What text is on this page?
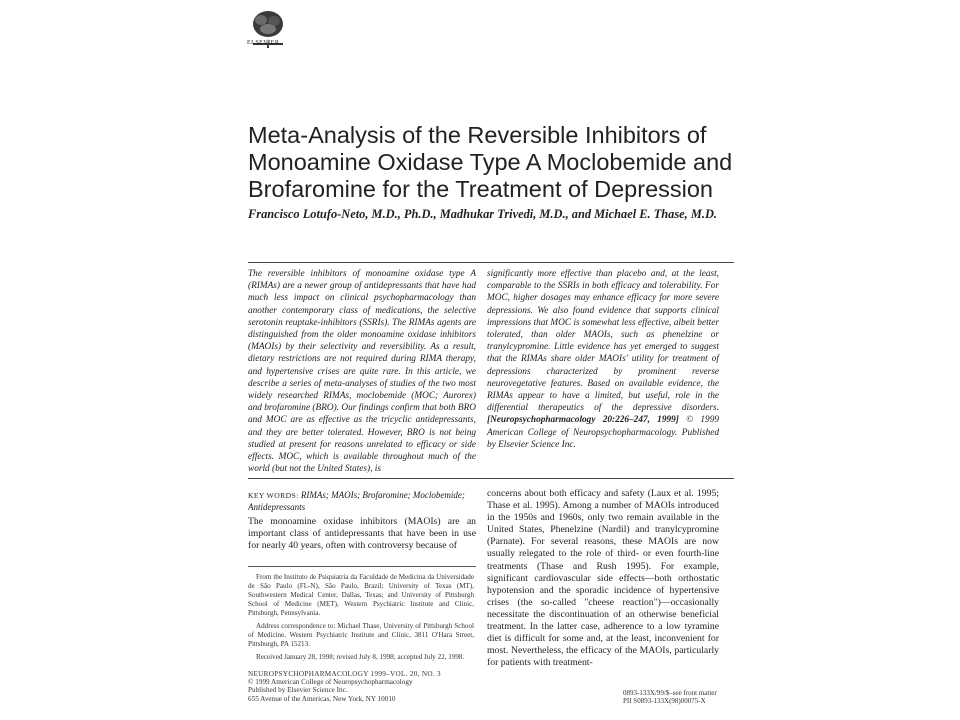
ELSEVIER
Meta-Analysis of the Reversible Inhibitors of
Monoamine Oxidase Type A Moclobemide and
Brofaromine for the Treatment of Depression
Francisco Lotufo-Neto, M.D., Ph.D., Madhukar Trivedi, M.D., and Michael E. Thase, M.D.

The reversible inhibitors of monoamine oxidase type A (RIMAs) are a newer group of antidepressants that have had much less impact on clinical psychopharmacology than another contemporary class of medications, the selective serotonin reuptake-inhibitors (SSRIs). The RIMAs agents are distinguished from the older monoamine oxidase inhibitors (MAOIs) by their selectivity and reversibility. As a result, dietary restrictions are not required during RIMA therapy, and hypertensive crises are quite rare. In this article, we describe a series of meta-analyses of studies of the two most widely researched RIMAs, moclobemide (MOC; Aurorex) and brofaromine (BRO). Our findings confirm that both BRO and MOC are as effective as the tricyclic antidepressants, and they are better tolerated. However, BRO is not being studied at present for reasons unrelated to efficacy or side effects. MOC, which is available throughout much of the world (but not the United States), is

significantly more effective than placebo and, at the least, comparable to the SSRIs in both efficacy and tolerability. For MOC, higher dosages may enhance efficacy for more severe depressions. We also found evidence that supports clinical impressions that MOC is somewhat less effective, albeit better tolerated, than older MAOIs, such as phenelzine or tranylcypromine. Little evidence has yet emerged to suggest that the RIMAs share older MAOIs' utility for treatment of depressions characterized by prominent reverse neurovegetative features. Based on available evidence, the RIMAs appear to have a limited, but useful, role in the differential therapeutics of the depressive disorders. [Neuropsychopharmacology 20:226–247, 1999] © 1999 American College of Neuropsychopharmacology. Published by Elsevier Science Inc.

KEY WORDS: RIMAs; MAOIs; Brofaromine; Moclobemide; Antidepressants

The monoamine oxidase inhibitors (MAOIs) are an important class of antidepressants that have been in use for nearly 40 years, often with controversy because of

concerns about both efficacy and safety (Laux et al. 1995; Thase et al. 1995). Among a number of MAOIs introduced in the 1950s and 1960s, only two remain available in the United States, Phenelzine (Nardil) and tranylcypromine (Parnate). For several reasons, these MAOIs are now usually relegated to the role of third- or even fourth-line treatments (Thase and Rush 1995). For example, significant cardiovascular side effects—both orthostatic hypotension and the sporadic incidence of hypertensive crises (the so-called "cheese reaction")—occasionally necessitate the discontinuation of an otherwise beneficial treatment. In the latter case, adherence to a low tyramine diet is difficult for some and, at the least, inconvenient for most. Nevertheless, the efficacy of the MAOIs, particularly for patients with treatment-

From the Instituto de Psiquiatria da Faculdade de Medicina da Universidade de São Paulo (FL-N), São Paulo, Brazil; University of Texas (MT), Southwestern Medical Center, Dallas, Texas; and University of Pittsburgh School of Medicine (MET), Western Psychiatric Institute and Clinic, Pittsburgh, Pennsylvania.

Address correspondence to: Michael Thase, University of Pittsburgh School of Medicine, Western Psychiatric Institute and Clinic, 3811 O'Hara Street, Pittsburgh, PA 15213.

Received January 28, 1998; revised July 8, 1998; accepted July 22, 1998.

NEUROPSYCHOPHARMACOLOGY 1999–VOL. 20, NO. 3
© 1999 American College of Neuropsychopharmacology
Published by Elsevier Science Inc.
655 Avenue of the Americas, New York, NY 10010
0893-133X/99/$–see front matter
PII S0893-133X(98)00075-X
